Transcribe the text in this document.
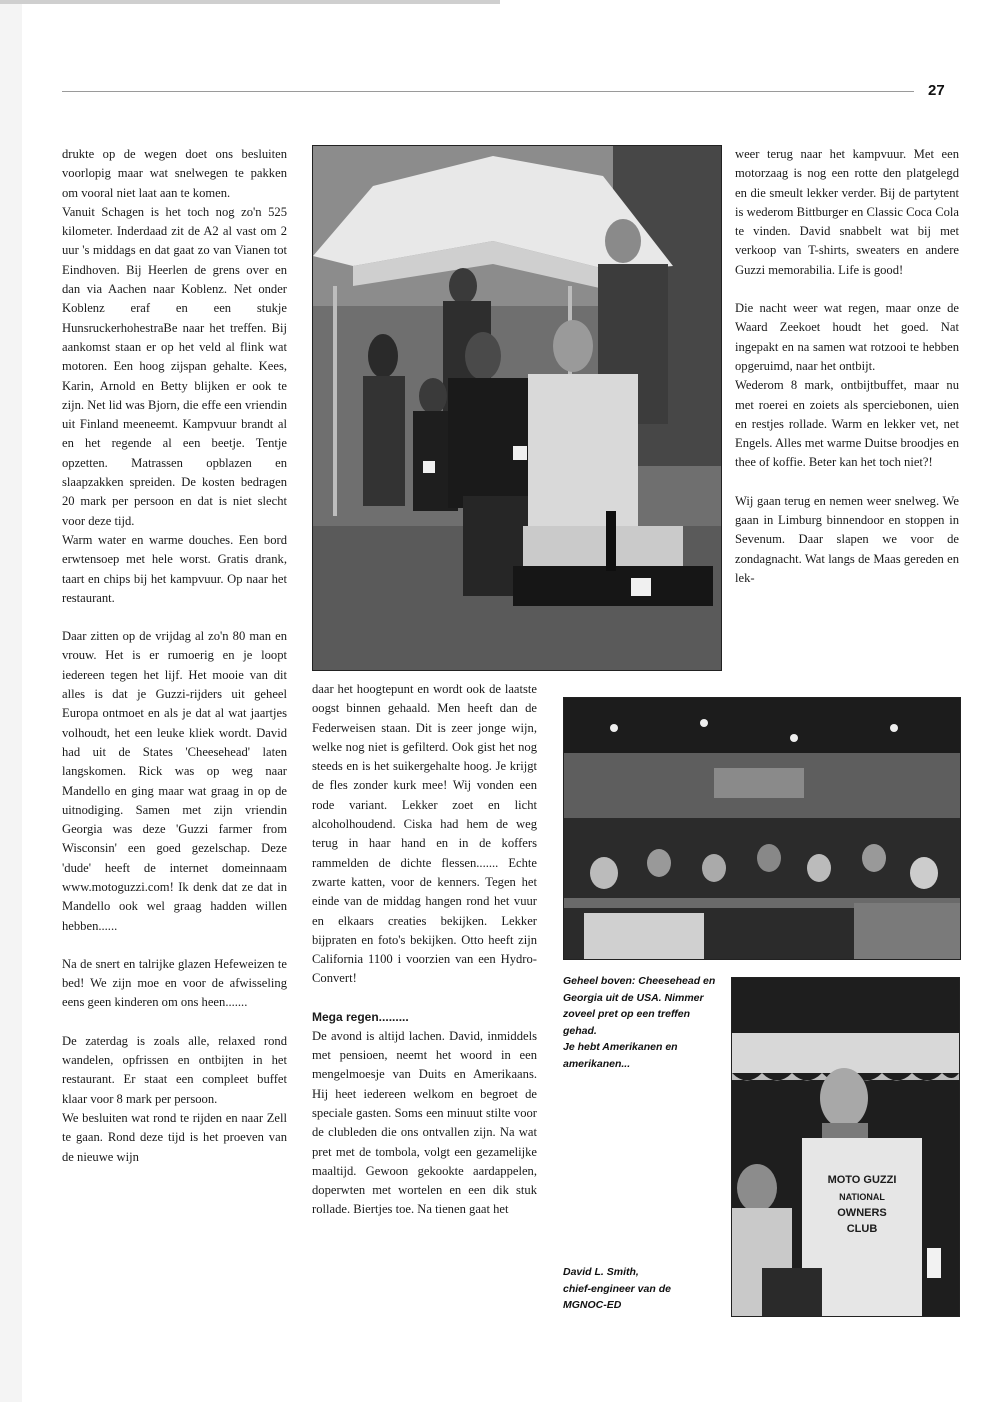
27

drukte op de wegen doet ons besluiten voorlopig maar wat snelwegen te pakken om vooral niet laat aan te komen.

Vanuit Schagen is het toch nog zo'n 525 kilometer. Inderdaad zit de A2 al vast om 2 uur 's middags en dat gaat zo van Vianen tot Eindhoven. Bij Heerlen de grens over en dan via Aachen naar Koblenz. Net onder Koblenz eraf en een stukje HunsruckerhohestraBe naar het treffen. Bij aankomst staan er op het veld al flink wat motoren. Een hoog zijspan gehalte. Kees, Karin, Arnold en Betty blijken er ook te zijn. Net lid was Bjorn, die effe een vriendin uit Finland meeneemt. Kampvuur brandt al en het regende al een beetje. Tentje opzetten. Matrassen opblazen en slaapzakken spreiden. De kosten bedragen 20 mark per persoon en dat is niet slecht voor deze tijd.

Warm water en warme douches. Een bord erwtensoep met hele worst. Gratis drank, taart en chips bij het kampvuur. Op naar het restaurant.

Daar zitten op de vrijdag al zo'n 80 man en vrouw. Het is er rumoerig en je loopt iedereen tegen het lijf. Het mooie van dit alles is dat je Guzzi-rijders uit geheel Europa ontmoet en als je dat al wat jaartjes volhoudt, het een leuke kliek wordt. David had uit de States 'Cheesehead' laten langskomen. Rick was op weg naar Mandello en ging maar wat graag in op de uitnodiging. Samen met zijn vriendin Georgia was deze 'Guzzi farmer from Wisconsin' een goed gezelschap. Deze 'dude' heeft de internet domeinnaam www.motoguzzi.com! Ik denk dat ze dat in Mandello ook wel graag hadden willen hebben......

Na de snert en talrijke glazen Hefeweizen te bed! We zijn moe en voor de afwisseling eens geen kinderen om ons heen.......

De zaterdag is zoals alle, relaxed rond wandelen, opfrissen en ontbijten in het restaurant. Er staat een compleet buffet klaar voor 8 mark per persoon.

We besluiten wat rond te rijden en naar Zell te gaan. Rond deze tijd is het proeven van de nieuwe wijn

daar het hoogtepunt en wordt ook de laatste oogst binnen gehaald. Men heeft dan de Federweisen staan. Dit is zeer jonge wijn, welke nog niet is gefilterd. Ook gist het nog steeds en is het suikergehalte hoog. Je krijgt de fles zonder kurk mee! Wij vonden een rode variant. Lekker zoet en licht alcoholhoudend. Ciska had hem de weg terug in haar hand en in de koffers rammelden de dichte flessen....... Echte zwarte katten, voor de kenners. Tegen het einde van de middag hangen rond het vuur en elkaars creaties bekijken. Lekker bijpraten en foto's bekijken. Otto heeft zijn California 1100 i voorzien van een Hydro-Convert!

Mega regen.........

De avond is altijd lachen. David, inmiddels met pensioen, neemt het woord in een mengelmoesje van Duits en Amerikaans. Hij heet iedereen welkom en begroet de speciale gasten. Soms een minuut stilte voor de clubleden die ons ontvallen zijn. Na wat pret met de tombola, volgt een gezamelijke maaltijd. Gewoon gekookte aardappelen, doperwten met wortelen en een dik stuk rollade. Biertjes toe. Na tienen gaat het

weer terug naar het kampvuur. Met een motorzaag is nog een rotte den platgelegd en die smeult lekker verder. Bij de partytent is wederom Bittburger en Classic Coca Cola te vinden. David snabbelt wat bij met verkoop van T-shirts, sweaters en andere Guzzi memorabilia. Life is good!

Die nacht weer wat regen, maar onze de Waard Zeekoet houdt het goed. Nat ingepakt en na samen wat rotzooi te hebben opgeruimd, naar het ontbijt.

Wederom 8 mark, ontbijtbuffet, maar nu met roerei en zoiets als sperciebonen, uien en restjes rollade. Warm en lekker vet, net Engels. Alles met warme Duitse broodjes en thee of koffie. Beter kan het toch niet?!

Wij gaan terug en nemen weer snelweg. We gaan in Limburg binnendoor en stoppen in Sevenum. Daar slapen we voor de zondagnacht. Wat langs de Maas gereden en lek-

MOTO GUZZI
NATIONAL
OWNERS
CLUB
Geheel boven: Cheesehead en
Georgia uit de USA. Nimmer
zoveel pret op een treffen
gehad.
Je hebt Amerikanen en
amerikanen...
David L. Smith,
chief-engineer van de
MGNOC-ED
